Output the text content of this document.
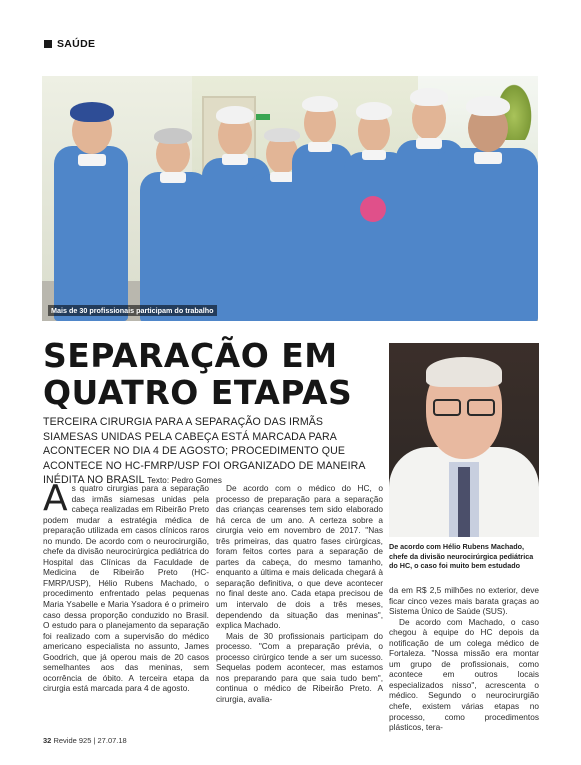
SAÚDE
Mais de 30 profissionais participam do trabalho
SEPARAÇÃO EM
QUATRO ETAPAS
TERCEIRA CIRURGIA PARA A SEPARAÇÃO DAS IRMÃS SIAMESAS UNIDAS PELA CABEÇA ESTÁ MARCADA PARA ACONTECER NO DIA 4 DE AGOSTO; PROCEDIMENTO QUE ACONTECE NO HC-FMRP/USP FOI ORGANIZADO DE MANEIRA INÉDITA NO BRASIL Texto: Pedro Gomes
De acordo com Hélio Rubens Machado, chefe da divisão neurocirúrgica pediátrica do HC, o caso foi muito bem estudado
A s quatro cirurgias para a separação das irmãs siamesas unidas pela cabeça realizadas em Ribeirão Preto podem mudar a estratégia médica de preparação utilizada em casos clínicos raros no mundo. De acordo com o neurocirurgião, chefe da divisão neurocirúrgica pediátrica do Hospital das Clínicas da Faculdade de Medicina de Ribeirão Preto (HC-FMRP/USP), Hélio Rubens Machado, o procedimento enfrentado pelas pequenas Maria Ysabelle e Maria Ysadora é o primeiro caso dessa proporção conduzido no Brasil. O estudo para o planejamento da separação foi realizado com a supervisão do médico americano especialista no assunto, James Goodrich, que já operou mais de 20 casos semelhantes aos das meninas, sem ocorrência de óbito. A terceira etapa da cirurgia está marcada para 4 de agosto.

De acordo com o médico do HC, o processo de preparação para a separação das crianças cearenses tem sido elaborado há cerca de um ano. A certeza sobre a cirurgia veio em novembro de 2017. "Nas três primeiras, das quatro fases cirúrgicas, foram feitos cortes para a separação de partes da cabeça, do mesmo tamanho, enquanto a última e mais delicada chegará à separação definitiva, o que deve acontecer no final deste ano. Cada etapa precisou de um intervalo de dois a três meses, dependendo da situação das meninas", explica Machado.

Mais de 30 profissionais participam do processo. "Com a preparação prévia, o processo cirúrgico tende a ser um sucesso. Sequelas podem acontecer, mas estamos nos preparando para que saia tudo bem", continua o médico de Ribeirão Preto. A cirurgia, avalia-

da em R$ 2,5 milhões no exterior, deve ficar cinco vezes mais barata graças ao Sistema Único de Saúde (SUS).

De acordo com Machado, o caso chegou à equipe do HC depois da notificação de um colega médico de Fortaleza. "Nossa missão era montar um grupo de profissionais, como acontece em outros locais especializados nisso", acrescenta o médico. Segundo o neurocirurgião chefe, existem várias etapas no processo, como procedimentos plásticos, tera-

32 Revide 925 | 27.07.18
